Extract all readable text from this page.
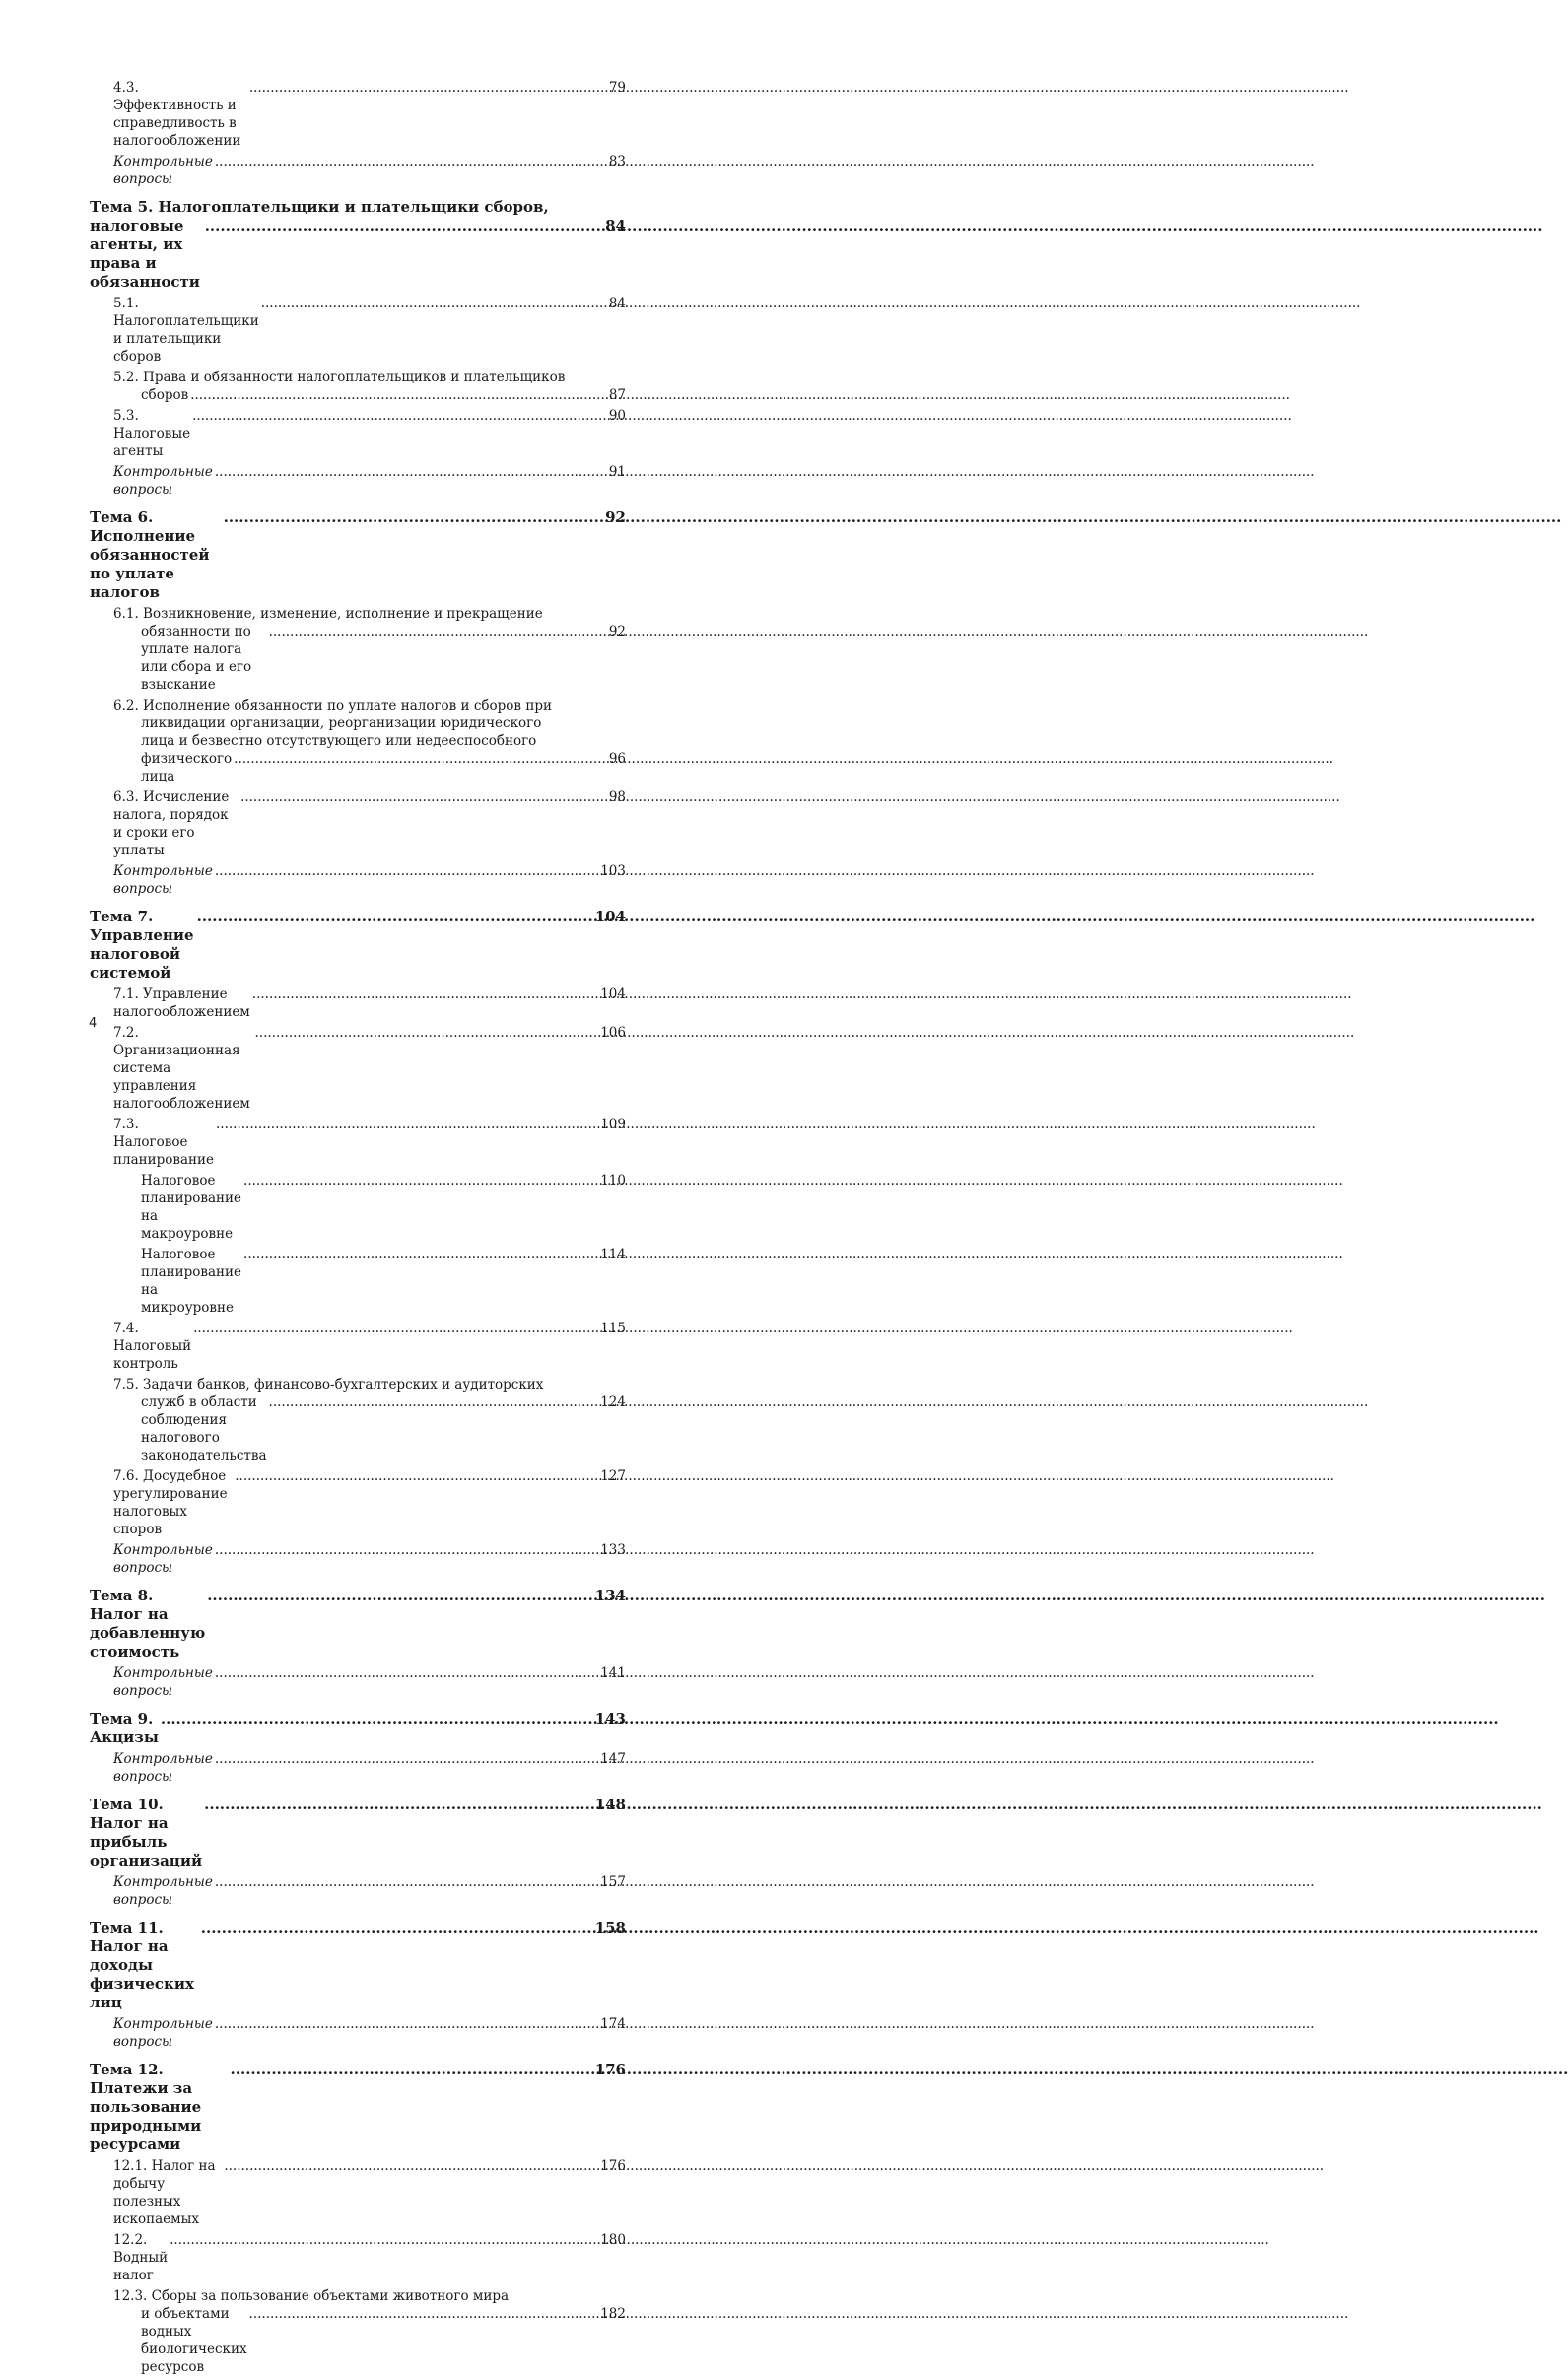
4.3. Эффективность и справедливость в налогообложении
.....
79
Контрольные вопросы
.....
83
Тема 5. Налогоплательщики и плательщики сборов,
налоговые агенты, их права и обязанности
.....
84
5.1. Налогоплательщики и плательщики сборов
.....
84
5.2. Права и обязанности налогоплательщиков и плательщиков
сборов
.....	87
5.3. Налоговые агенты
.....
90
Контрольные вопросы
.....
91
Тема 6. Исполнение обязанностей по уплате налогов
.....
92
6.1. Возникновение, изменение, исполнение и прекращение
обязанности по уплате налога или сбора и его взыскание
.....
92
6.2. Исполнение обязанности по уплате налогов и сборов при
ликвидации организации, реорганизации юридического
лица и безвестно отсутствующего или недееспособного
физического лица
.....
96
6.3. Исчисление налога, порядок и сроки его уплаты
.....
98
Контрольные вопросы
.....
103
Тема 7. Управление налоговой системой
.....
104
7.1. Управление налогообложением
.....
104
7.2. Организационная система управления налогообложением
.....
106
7.3. Налоговое планирование
.....
109
Налоговое планирование на макроуровне
.....
110
Налоговое планирование на микроуровне
.....
114
7.4. Налоговый контроль
.....
115
7.5. Задачи банков, финансово-бухгалтерских и аудиторских
служб в области соблюдения налогового законодательства
.....
124
7.6. Досудебное урегулирование налоговых споров
.....
127
Контрольные вопросы
.....
133
Тема 8. Налог на добавленную стоимость
.....
134
Контрольные вопросы
.....
141
Тема 9. Акцизы
.....
143
Контрольные вопросы
.....
147
Тема 10. Налог на прибыль организаций
.....
148
Контрольные вопросы
.....
157
Тема 11. Налог на доходы физических лиц
.....
158
Контрольные вопросы
.....
174
Тема 12. Платежи за пользование природными ресурсами
.....
176
12.1. Налог на добычу полезных ископаемых
.....
176
12.2. Водный налог
.....
180
12.3. Сборы за пользование объектами животного мира
и объектами водных биологических ресурсов
.....
182
4
